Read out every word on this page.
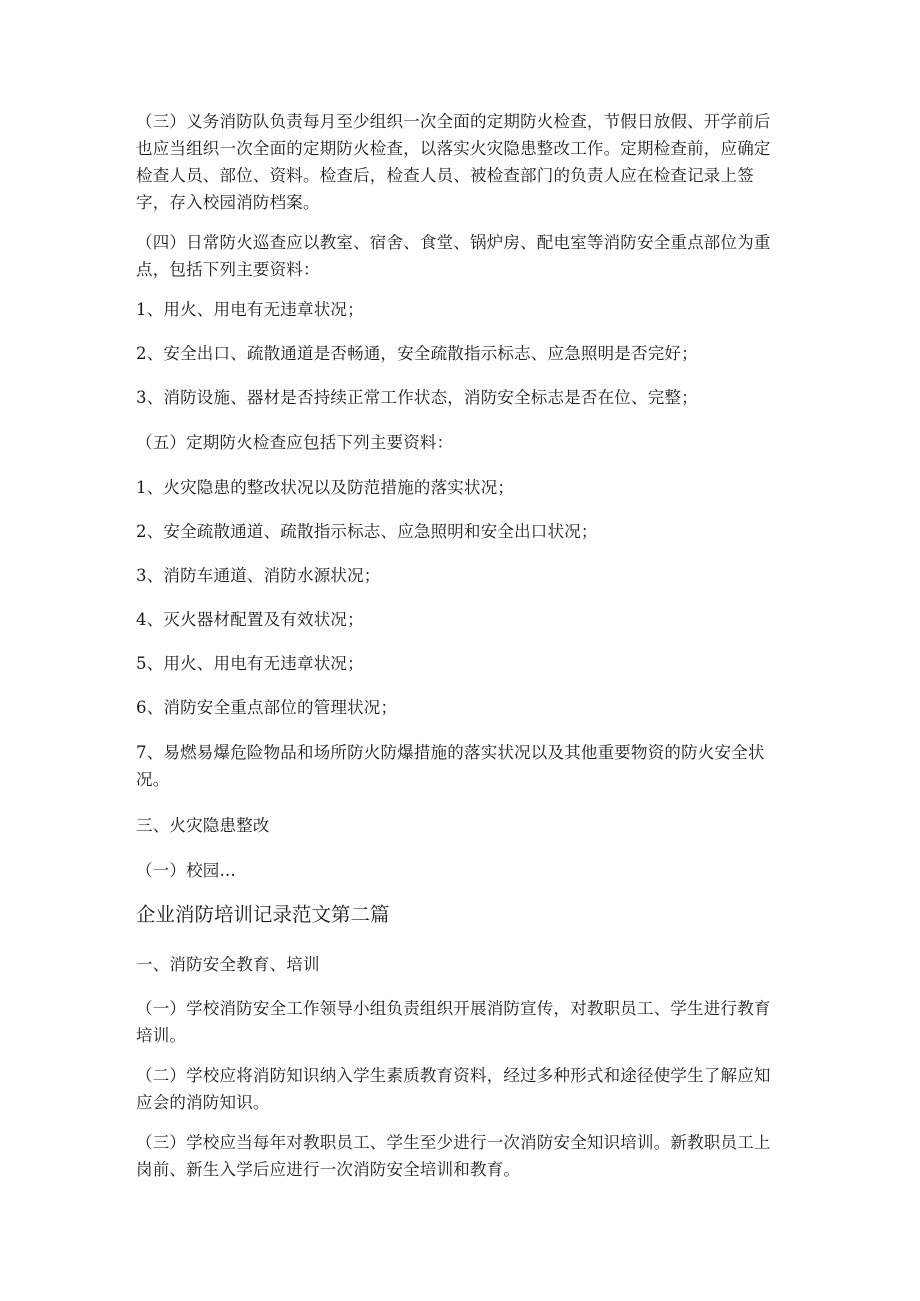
（三）义务消防队负责每月至少组织一次全面的定期防火检查，节假日放假、开学前后也应当组织一次全面的定期防火检查，以落实火灾隐患整改工作。定期检查前，应确定检查人员、部位、资料。检查后，检查人员、被检查部门的负责人应在检查记录上签字，存入校园消防档案。

（四）日常防火巡查应以教室、宿舍、食堂、锅炉房、配电室等消防安全重点部位为重点，包括下列主要资料：

1、用火、用电有无违章状况；

2、安全出口、疏散通道是否畅通，安全疏散指示标志、应急照明是否完好；

3、消防设施、器材是否持续正常工作状态，消防安全标志是否在位、完整；

（五）定期防火检查应包括下列主要资料：

1、火灾隐患的整改状况以及防范措施的落实状况；

2、安全疏散通道、疏散指示标志、应急照明和安全出口状况；

3、消防车通道、消防水源状况；

4、灭火器材配置及有效状况；

5、用火、用电有无违章状况；

6、消防安全重点部位的管理状况；

7、易燃易爆危险物品和场所防火防爆措施的落实状况以及其他重要物资的防火安全状况。

三、火灾隐患整改

（一）校园...

企业消防培训记录范文第二篇

一、消防安全教育、培训

（一）学校消防安全工作领导小组负责组织开展消防宣传，对教职员工、学生进行教育培训。

（二）学校应将消防知识纳入学生素质教育资料，经过多种形式和途径使学生了解应知应会的消防知识。

（三）学校应当每年对教职员工、学生至少进行一次消防安全知识培训。新教职员工上岗前、新生入学后应进行一次消防安全培训和教育。
